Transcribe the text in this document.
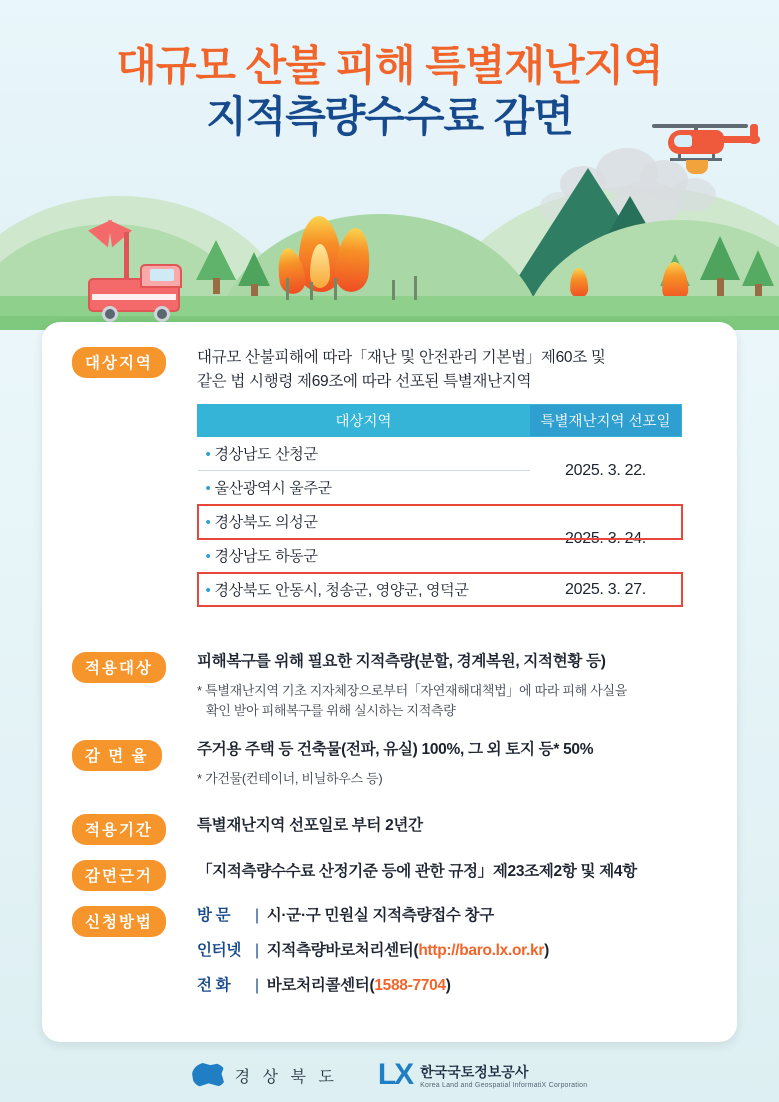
대규모 산불 피해 특별재난지역
지적측량수수료 감면
대상지역	대규모 산불피해에 따라「재난 및 안전관리 기본법」제60조 및
같은 법 시행령 제69조에 따라 선포된 특별재난지역
대상지역	특별재난지역 선포일
• 경상남도 산청군	2025. 3. 22.
• 울산광역시 울주군	
• 경상북도 의성군	2025. 3. 24.
• 경상남도 하동군	
• 경상북도 안동시, 청송군, 영양군, 영덕군	2025. 3. 27.
적용대상	피해복구를 위해 필요한 지적측량(분할, 경계복원, 지적현황 등)
* 특별재난지역 기초 지자체장으로부터「자연재해대책법」에 따라 피해 사실을
확인 받아 피해복구를 위해 실시하는 지적측량
감 면 율	주거용 주택 등 건축물(전파, 유실) 100%, 그 외 토지 등* 50%
* 가건물(컨테이너, 비닐하우스 등)
적용기간	특별재난지역 선포일로 부터 2년간
감면근거	「지적측량수수료 산정기준 등에 관한 규정」제23조제2항 및 제4항
신청방법	방 문	| 시·군·구 민원실 지적측량접수 창구
인터넷 | 지적측량바로처리센터( http://baro.lx.or.kr )
전 화	| 바로처리콜센터( 1588-7704 )
경 상 북 도 LX 한국국토정보공사
Korea Land and Geospatial InformatiX Corporation
